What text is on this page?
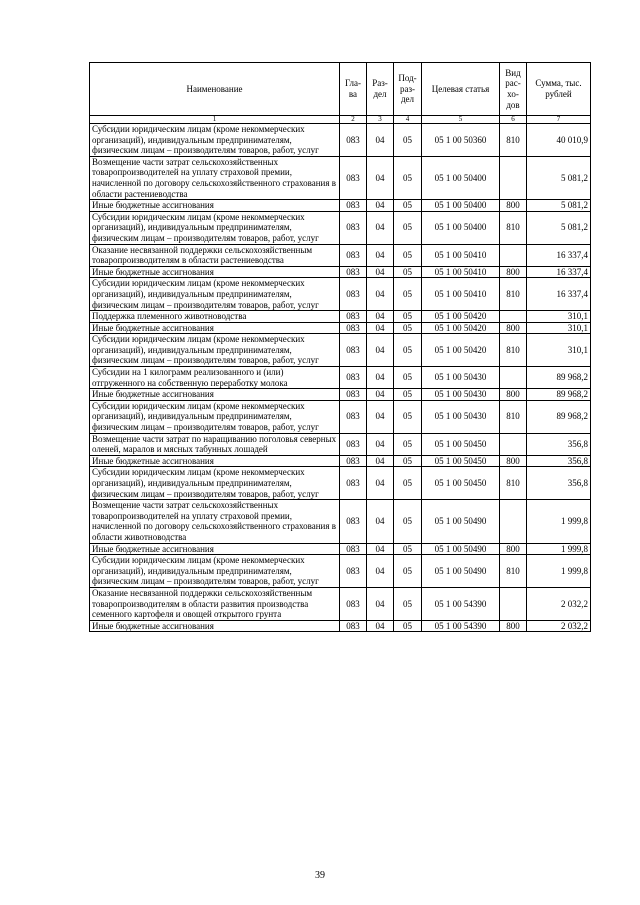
Наименование	Гла-ва	Раз-дел	Под-раз-дел	Целевая статья	Вид рас-хо-дов	Сумма, тыс. рублей
1	2	3	4	5	6	7
Субсидии юридическим лицам (кроме некоммерческих организаций), индивидуальным предпринимателям, физическим лицам – производителям товаров, работ, услуг	083	04	05	05 1 00 50360	810	40 010,9
Возмещение части затрат сельскохозяйственных товаропроизводителей на уплату страховой премии, начисленной по договору сельскохозяйственного страхования в области растениеводства	083	04	05	05 1 00 50400		5 081,2
Иные бюджетные ассигнования	083	04	05	05 1 00 50400	800	5 081,2
Субсидии юридическим лицам (кроме некоммерческих организаций), индивидуальным предпринимателям, физическим лицам – производителям товаров, работ, услуг	083	04	05	05 1 00 50400	810	5 081,2
Оказание несвязанной поддержки сельскохозяйственным товаропроизводителям в области растениеводства	083	04	05	05 1 00 50410		16 337,4
Иные бюджетные ассигнования	083	04	05	05 1 00 50410	800	16 337,4
Субсидии юридическим лицам (кроме некоммерческих организаций), индивидуальным предпринимателям, физическим лицам – производителям товаров, работ, услуг	083	04	05	05 1 00 50410	810	16 337,4
Поддержка племенного животноводства	083	04	05	05 1 00 50420		310,1
Иные бюджетные ассигнования	083	04	05	05 1 00 50420	800	310,1
Субсидии юридическим лицам (кроме некоммерческих организаций), индивидуальным предпринимателям, физическим лицам – производителям товаров, работ, услуг	083	04	05	05 1 00 50420	810	310,1
Субсидии на 1 килограмм реализованного и (или) отгруженного на собственную переработку молока	083	04	05	05 1 00 50430		89 968,2
Иные бюджетные ассигнования	083	04	05	05 1 00 50430	800	89 968,2
Субсидии юридическим лицам (кроме некоммерческих организаций), индивидуальным предпринимателям, физическим лицам – производителям товаров, работ, услуг	083	04	05	05 1 00 50430	810	89 968,2
Возмещение части затрат по наращиванию поголовья северных оленей, маралов и мясных табунных лошадей	083	04	05	05 1 00 50450		356,8
Иные бюджетные ассигнования	083	04	05	05 1 00 50450	800	356,8
Субсидии юридическим лицам (кроме некоммерческих организаций), индивидуальным предпринимателям, физическим лицам – производителям товаров, работ, услуг	083	04	05	05 1 00 50450	810	356,8
Возмещение части затрат сельскохозяйственных товаропроизводителей на уплату страховой премии, начисленной по договору сельскохозяйственного страхования в области животноводства	083	04	05	05 1 00 50490		1 999,8
Иные бюджетные ассигнования	083	04	05	05 1 00 50490	800	1 999,8
Субсидии юридическим лицам (кроме некоммерческих организаций), индивидуальным предпринимателям, физическим лицам – производителям товаров, работ, услуг	083	04	05	05 1 00 50490	810	1 999,8
Оказание несвязанной поддержки сельскохозяйственным товаропроизводителям в области развития производства семенного картофеля и овощей открытого грунта	083	04	05	05 1 00 54390		2 032,2
Иные бюджетные ассигнования	083	04	05	05 1 00 54390	800	2 032,2
39
